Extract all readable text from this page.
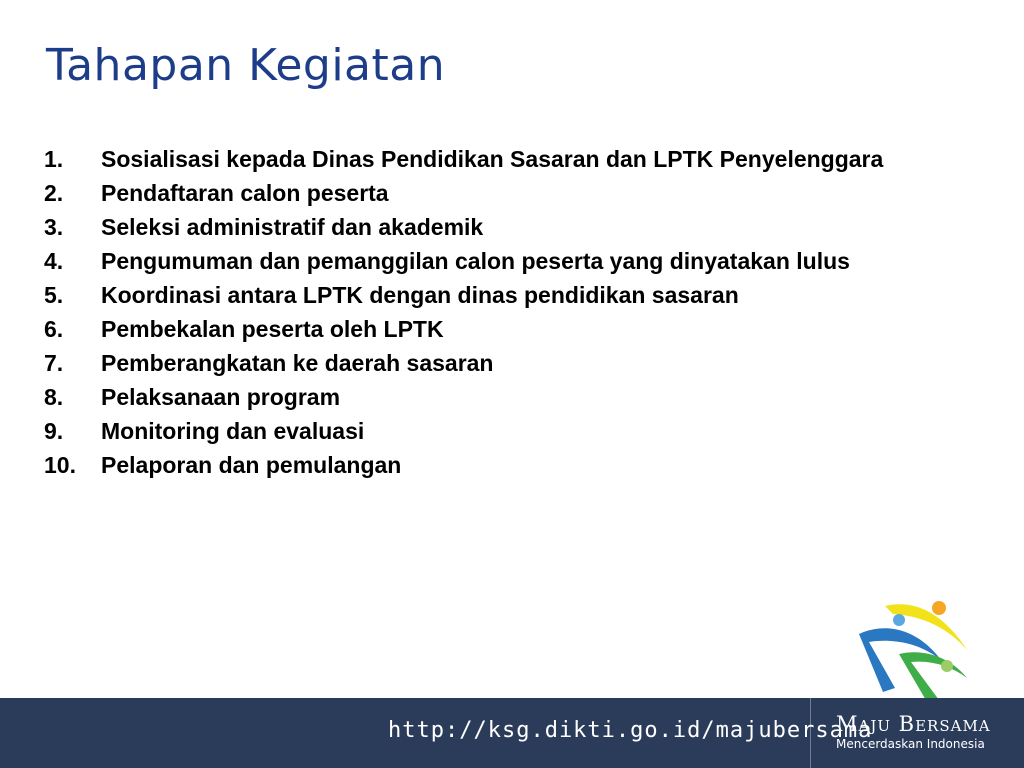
Tahapan Kegiatan
1.	Sosialisasi kepada Dinas Pendidikan Sasaran dan LPTK Penyelenggara
2.	Pendaftaran calon peserta
3.	Seleksi administratif dan akademik
4.	Pengumuman dan pemanggilan calon peserta yang dinyatakan lulus
5.	Koordinasi antara LPTK dengan dinas pendidikan sasaran
6.	Pembekalan peserta oleh LPTK
7.	Pemberangkatan ke daerah sasaran
8.	Pelaksanaan program
9.	Monitoring dan evaluasi
10.	Pelaporan dan pemulangan
http://ksg.dikti.go.id/majubersama
Maju Bersama
Mencerdaskan Indonesia
